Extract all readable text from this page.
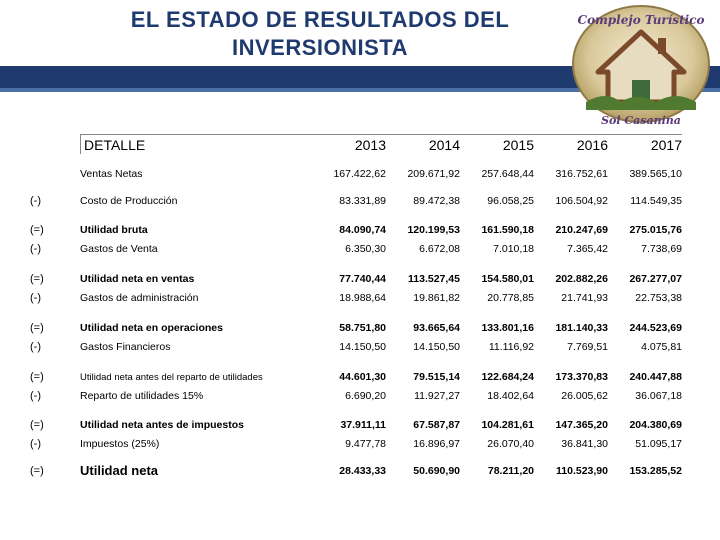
EL ESTADO DE RESULTADOS DEL
INVERSIONISTA
Complejo Turístico
Sol Casanina
DETALLE	2013	2014	2015	2016	2017
Ventas Netas	167.422,62	209.671,92	257.648,44	316.752,61	389.565,10
(-)	Costo de Producción	83.331,89	89.472,38	96.058,25	106.504,92	114.549,35
(=)	Utilidad bruta	84.090,74	120.199,53	161.590,18	210.247,69	275.015,76
(-)	Gastos de Venta	6.350,30	6.672,08	7.010,18	7.365,42	7.738,69
(=)	Utilidad neta en ventas	77.740,44	113.527,45	154.580,01	202.882,26	267.277,07
(-)	Gastos de administración	18.988,64	19.861,82	20.778,85	21.741,93	22.753,38
(=)	Utilidad neta en operaciones	58.751,80	93.665,64	133.801,16	181.140,33	244.523,69
(-)	Gastos Financieros	14.150,50	14.150,50	11.116,92	7.769,51	4.075,81
(=)	Utilidad neta antes del reparto de utilidades	44.601,30	79.515,14	122.684,24	173.370,83	240.447,88
(-)	Reparto de utilidades 15%	6.690,20	11.927,27	18.402,64	26.005,62	36.067,18
(=)	Utilidad neta antes de impuestos	37.911,11	67.587,87	104.281,61	147.365,20	204.380,69
(-)	Impuestos (25%)	9.477,78	16.896,97	26.070,40	36.841,30	51.095,17
(=)	Utilidad neta	28.433,33	50.690,90	78.211,20	110.523,90	153.285,52
